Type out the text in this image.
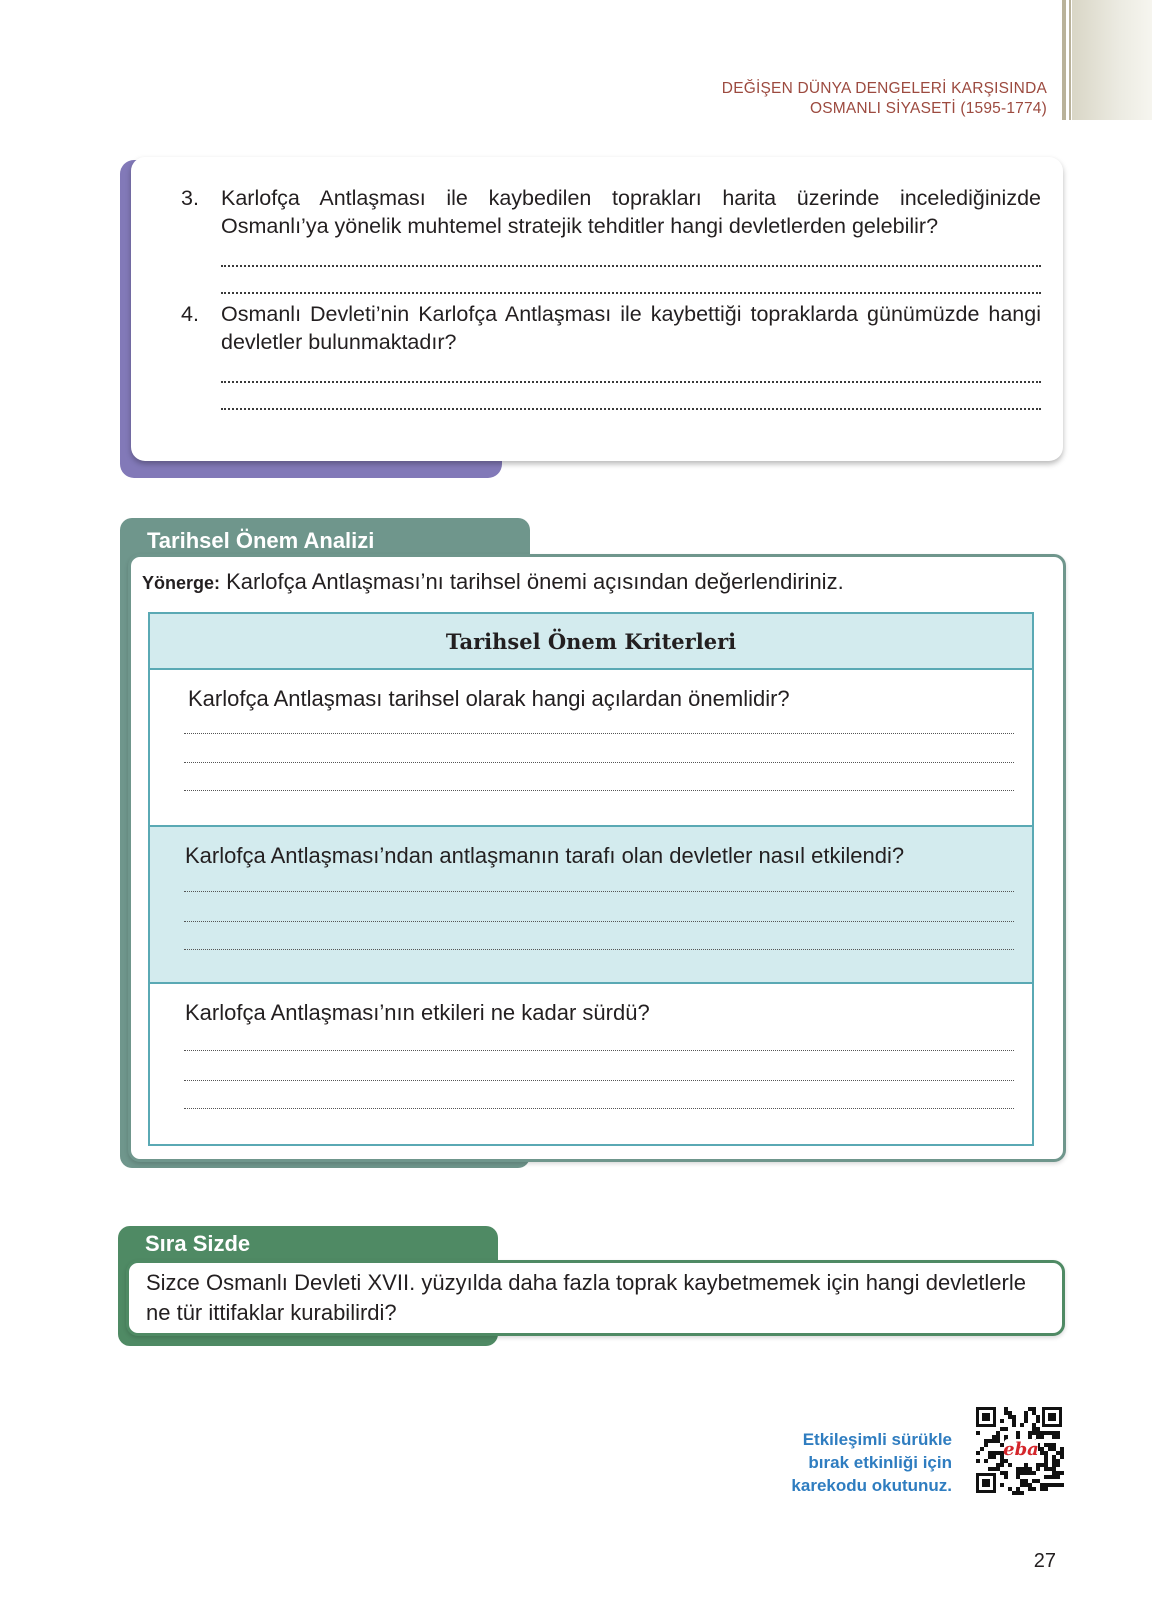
DEĞİŞEN DÜNYA DENGELERİ KARŞISINDA
OSMANLI SİYASETİ (1595-1774)
3.	Karlofça Antlaşması ile kaybedilen toprakları harita üzerinde incelediğinizde Osmanlı’ya yönelik muhtemel stratejik tehditler hangi devletlerden gelebilir?
4.	Osmanlı Devleti’nin Karlofça Antlaşması ile kaybettiği topraklarda günümüzde hangi devletler bulunmaktadır?
Tarihsel Önem Analizi
Yönerge: Karlofça Antlaşması’nı tarihsel önemi açısından değerlendiriniz.
Tarihsel Önem Kriterleri
Karlofça Antlaşması tarihsel olarak hangi açılardan önemlidir?
Karlofça Antlaşması’ndan antlaşmanın tarafı olan devletler nasıl etkilendi?
Karlofça Antlaşması’nın etkileri ne kadar sürdü?
Sıra Sizde
Sizce Osmanlı Devleti XVII. yüzyılda daha fazla toprak kaybetmemek için hangi devletlerle ne tür ittifaklar kurabilirdi?
Etkileşimli sürükle
bırak etkinliği için
karekodu okutunuz.
eba
27
